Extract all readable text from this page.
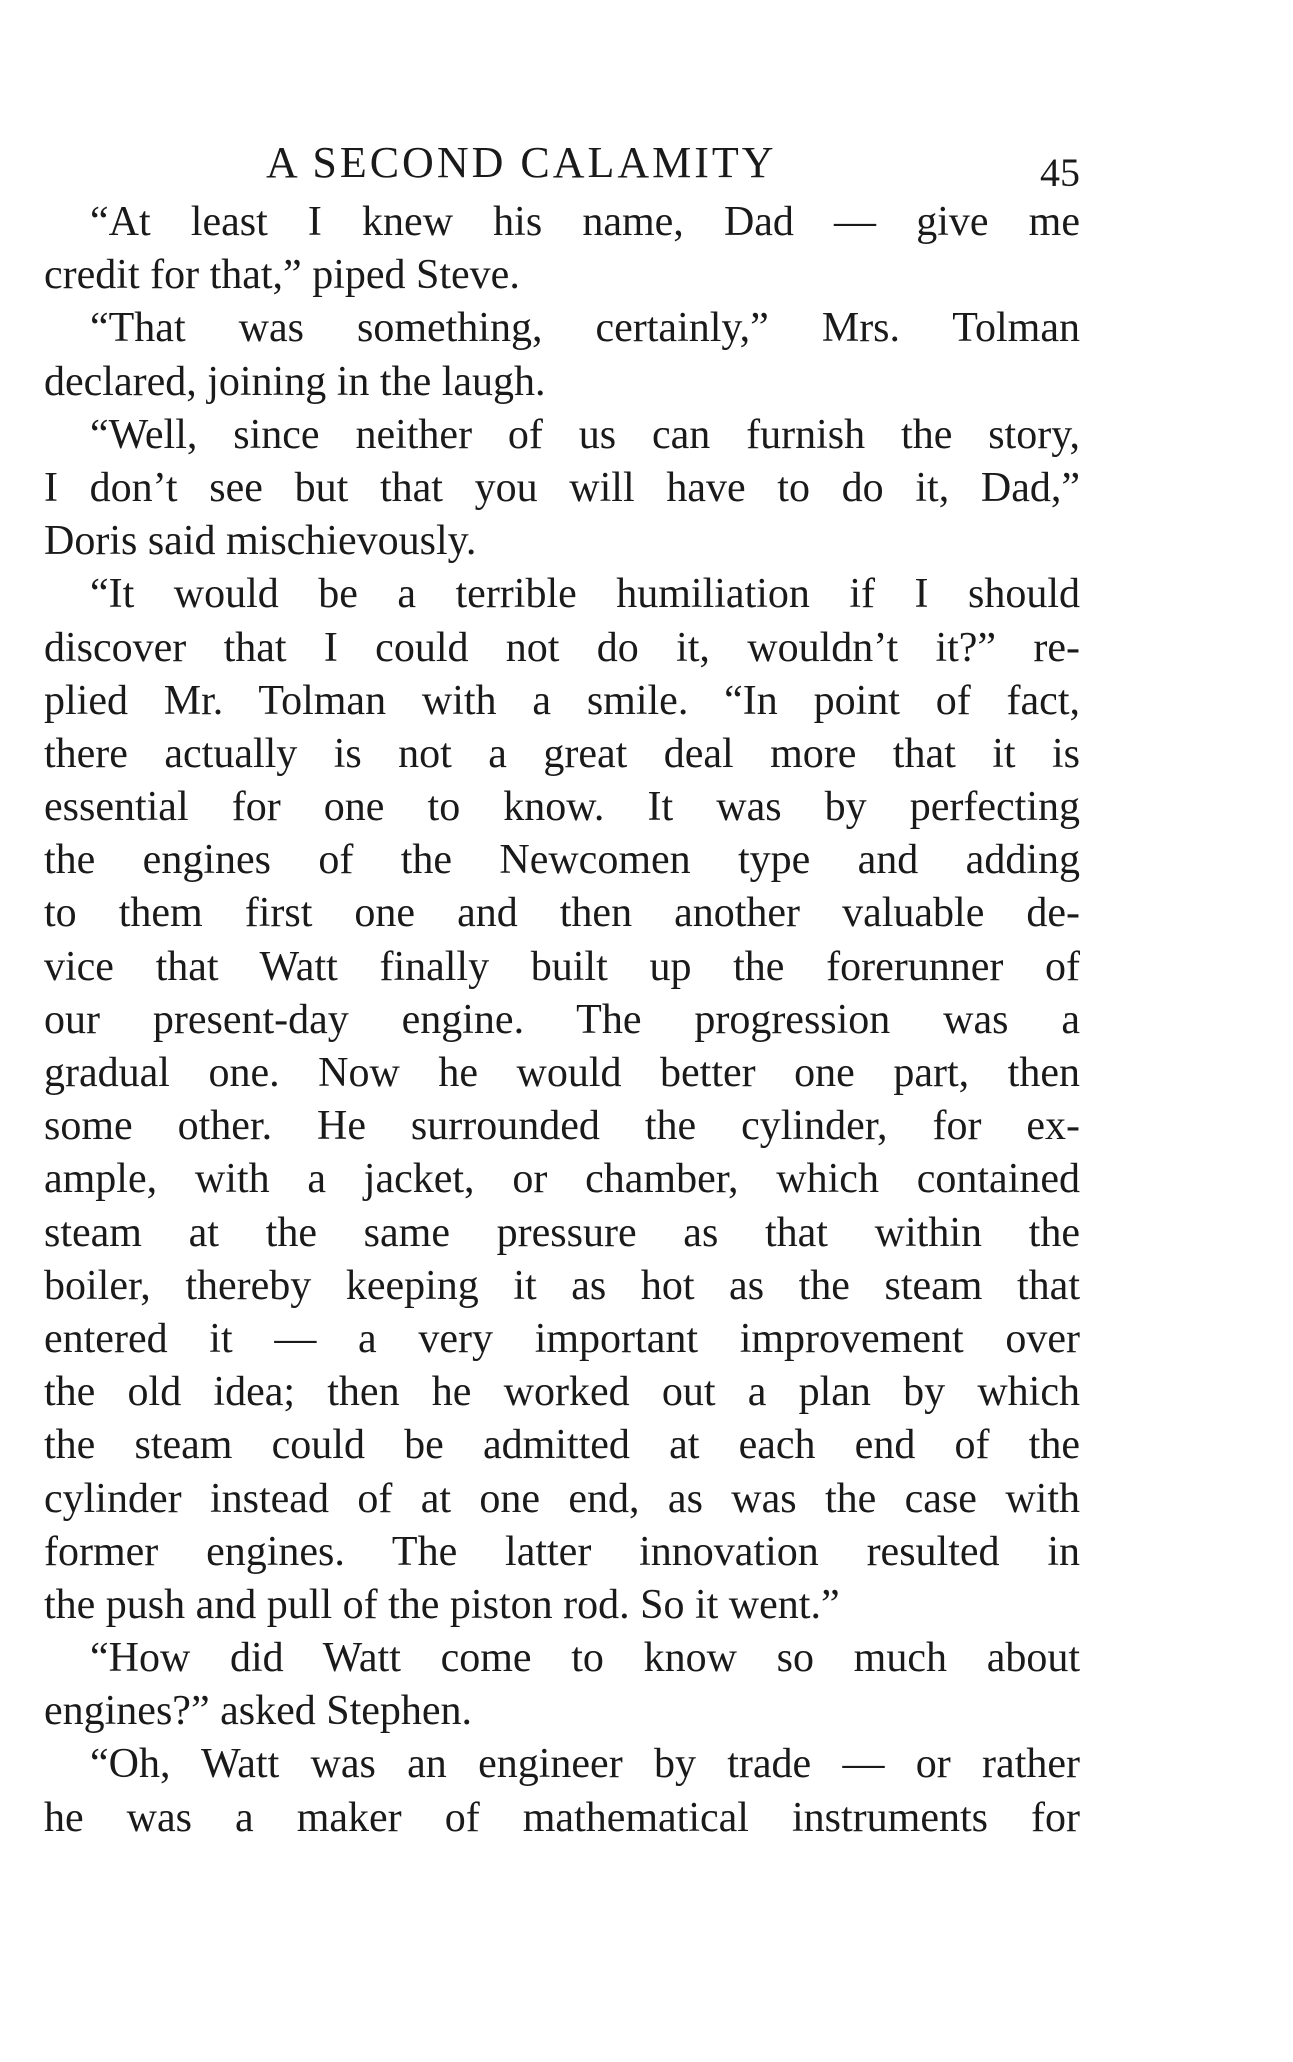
A SECOND CALAMITY	45
“At least I knew his name, Dad — give me
credit for that,” piped Steve.
“That was something, certainly,” Mrs. Tolman
declared, joining in the laugh.
“Well, since neither of us can furnish the story,
I don’t see but that you will have to do it, Dad,”
Doris said mischievously.
“It would be a terrible humiliation if I should
discover that I could not do it, wouldn’t it?” re-
plied Mr. Tolman with a smile. “In point of fact,
there actually is not a great deal more that it is
essential for one to know. It was by perfecting
the engines of the Newcomen type and adding
to them first one and then another valuable de-
vice that Watt finally built up the forerunner of
our present-day engine. The progression was a
gradual one. Now he would better one part, then
some other. He surrounded the cylinder, for ex-
ample, with a jacket, or chamber, which contained
steam at the same pressure as that within the
boiler, thereby keeping it as hot as the steam that
entered it — a very important improvement over
the old idea; then he worked out a plan by which
the steam could be admitted at each end of the
cylinder instead of at one end, as was the case with
former engines. The latter innovation resulted in
the push and pull of the piston rod. So it went.”
“How did Watt come to know so much about
engines?” asked Stephen.
“Oh, Watt was an engineer by trade — or rather
he was a maker of mathematical instruments for
